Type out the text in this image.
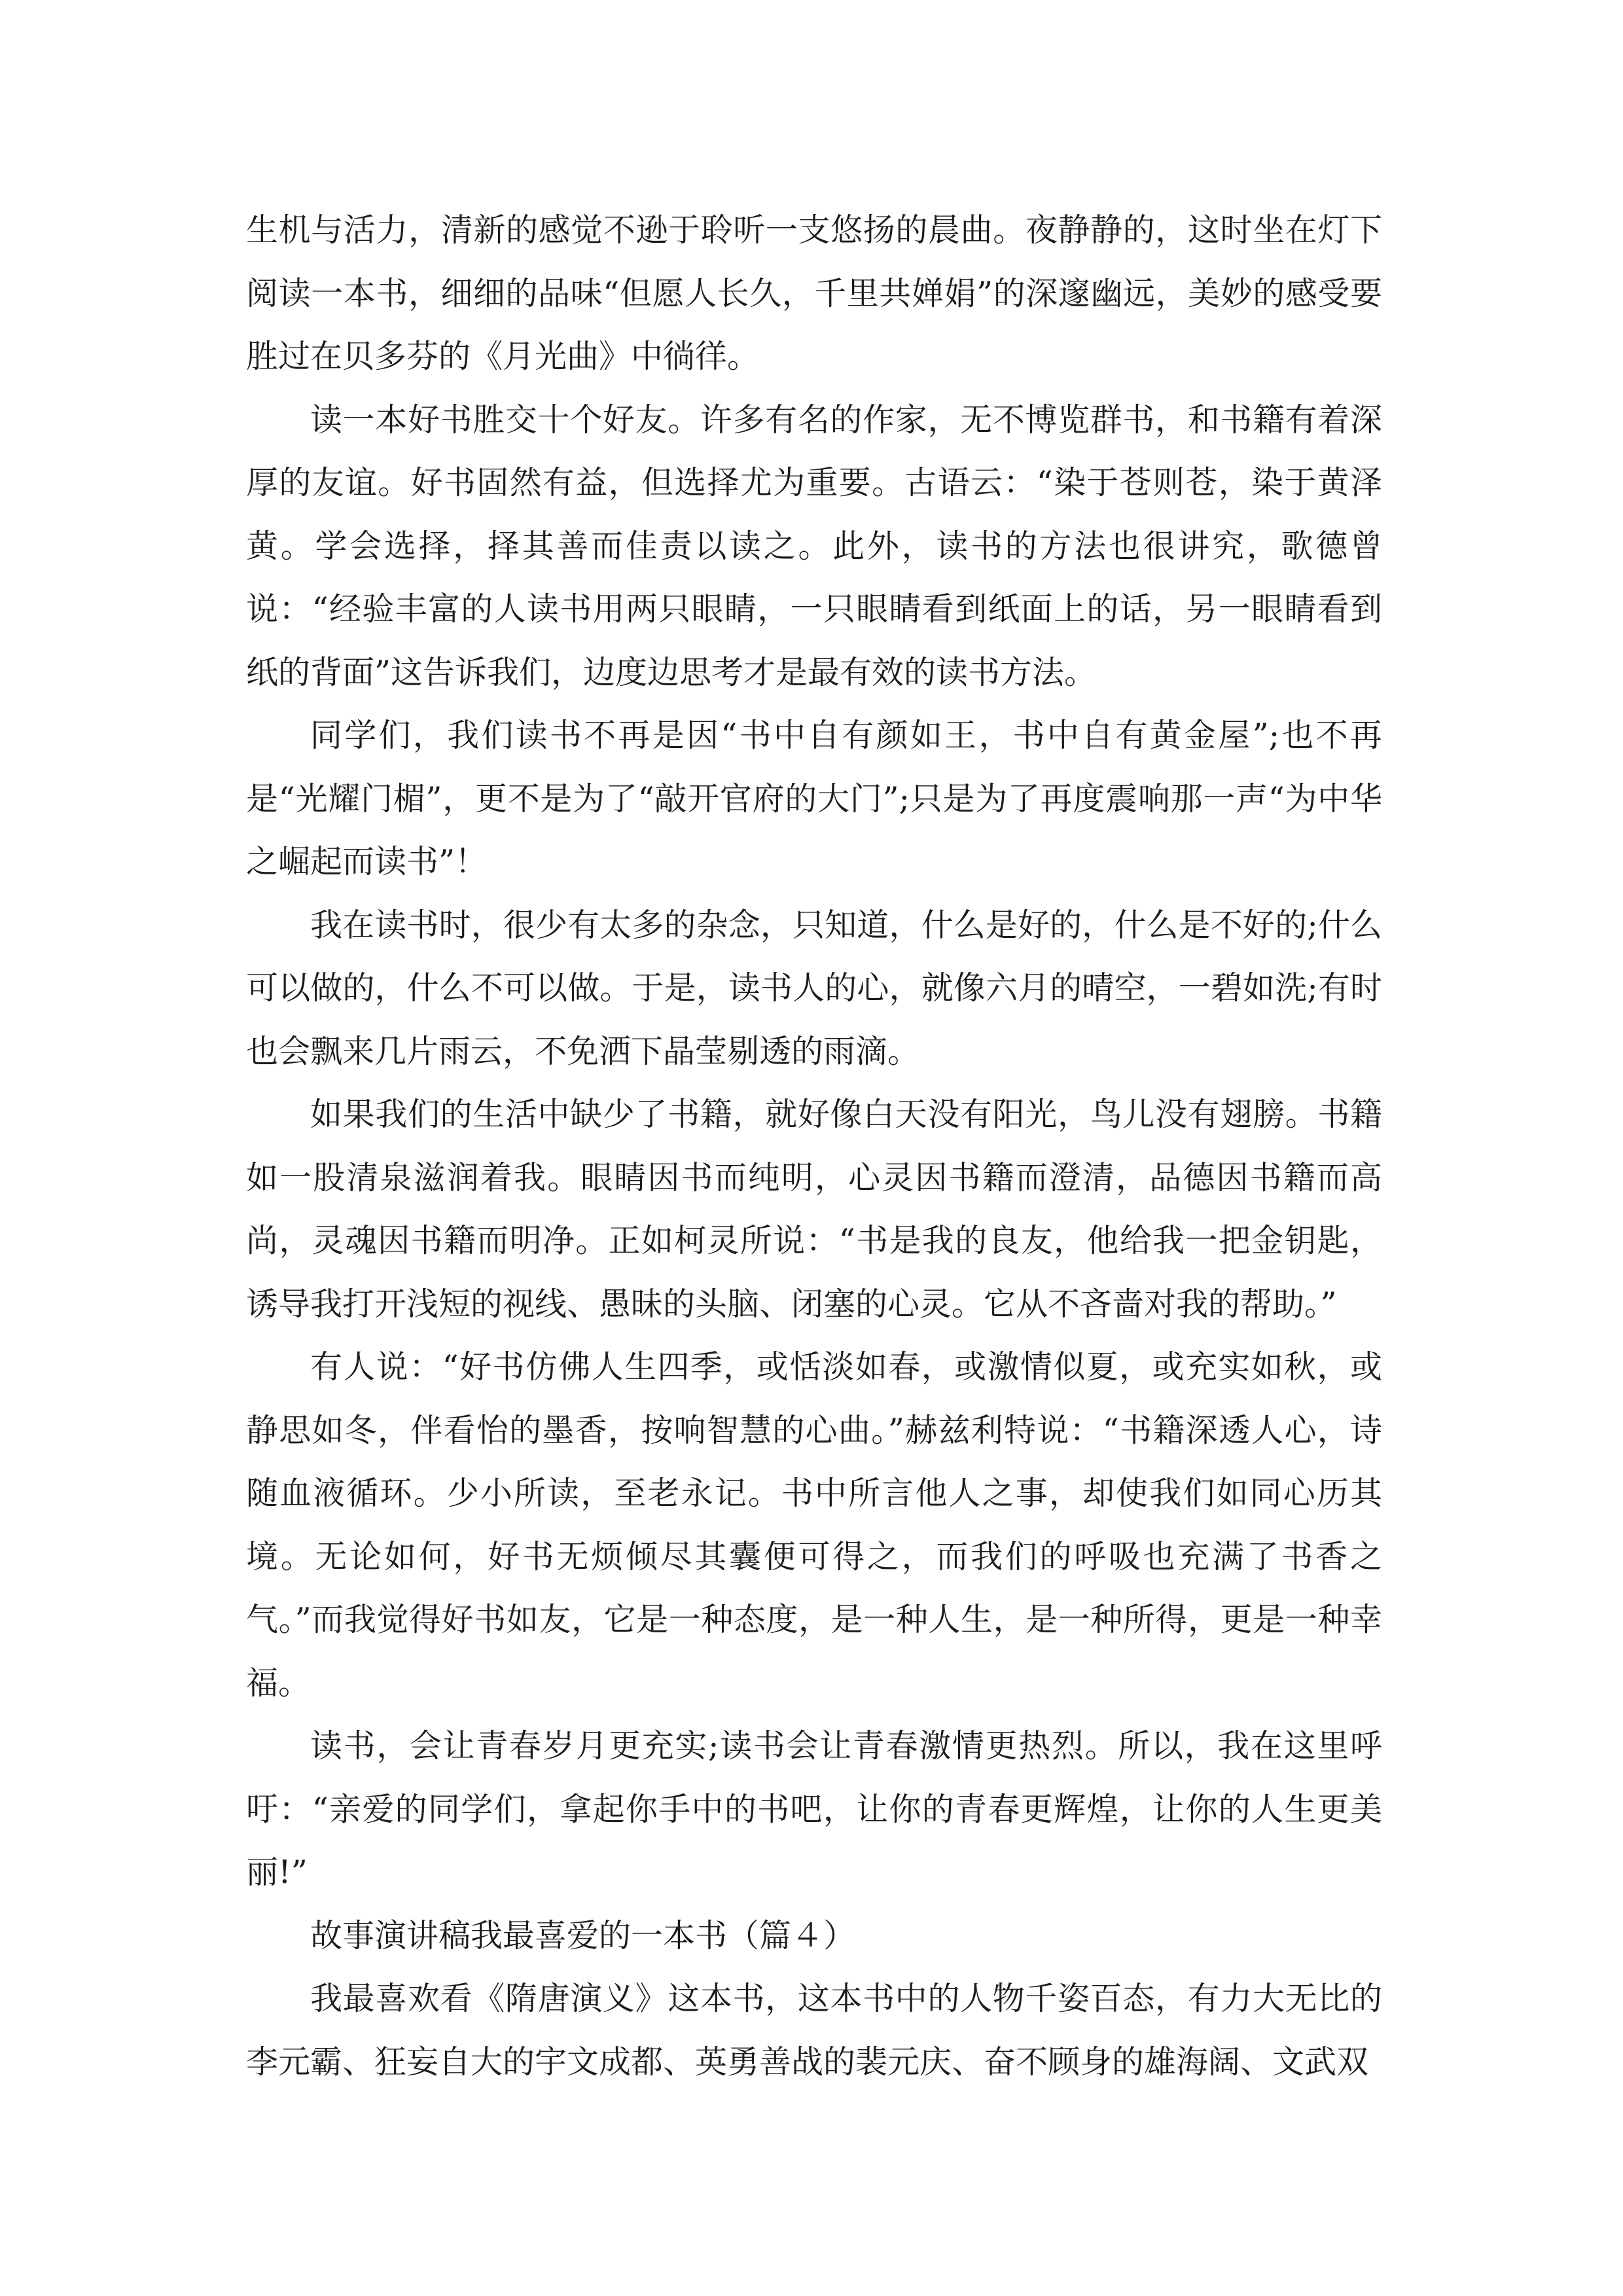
生机与活力，清新的感觉不逊于聆听一支悠扬的晨曲。夜静静的，这时坐在灯下阅读一本书，细细的品味“但愿人长久，千里共婵娟”的深邃幽远，美妙的感受要胜过在贝多芬的《月光曲》中徜徉。

读一本好书胜交十个好友。许多有名的作家，无不博览群书，和书籍有着深厚的友谊。好书固然有益，但选择尤为重要。古语云：“染于苍则苍，染于黄泽黄。学会选择，择其善而佳责以读之。此外，读书的方法也很讲究，歌德曾说：“经验丰富的人读书用两只眼睛，一只眼睛看到纸面上的话，另一眼睛看到纸的背面”这告诉我们，边度边思考才是最有效的读书方法。

同学们，我们读书不再是因“书中自有颜如王，书中自有黄金屋”;也不再是“光耀门楣”，更不是为了“敲开官府的大门”;只是为了再度震响那一声“为中华之崛起而读书”！

我在读书时，很少有太多的杂念，只知道，什么是好的，什么是不好的;什么可以做的，什么不可以做。于是，读书人的心，就像六月的晴空，一碧如洗;有时也会飘来几片雨云，不免洒下晶莹剔透的雨滴。

如果我们的生活中缺少了书籍，就好像白天没有阳光，鸟儿没有翅膀。书籍如一股清泉滋润着我。眼睛因书而纯明，心灵因书籍而澄清，品德因书籍而高尚，灵魂因书籍而明净。正如柯灵所说：“书是我的良友，他给我一把金钥匙，诱导我打开浅短的视线、愚昧的头脑、闭塞的心灵。它从不吝啬对我的帮助。”

有人说：“好书仿佛人生四季，或恬淡如春，或激情似夏，或充实如秋，或静思如冬，伴看怡的墨香，按响智慧的心曲。”赫兹利特说：“书籍深透人心，诗随血液循环。少小所读，至老永记。书中所言他人之事，却使我们如同心历其境。无论如何，好书无烦倾尽其囊便可得之，而我们的呼吸也充满了书香之气。”而我觉得好书如友，它是一种态度，是一种人生，是一种所得，更是一种幸福。

读书，会让青春岁月更充实;读书会让青春激情更热烈。所以，我在这里呼吁：“亲爱的同学们，拿起你手中的书吧，让你的青春更辉煌，让你的人生更美丽!”

故事演讲稿我最喜爱的一本书（篇４）

我最喜欢看《隋唐演义》这本书，这本书中的人物千姿百态，有力大无比的李元霸、狂妄自大的宇文成都、英勇善战的裴元庆、奋不顾身的雄海阔、文武双
